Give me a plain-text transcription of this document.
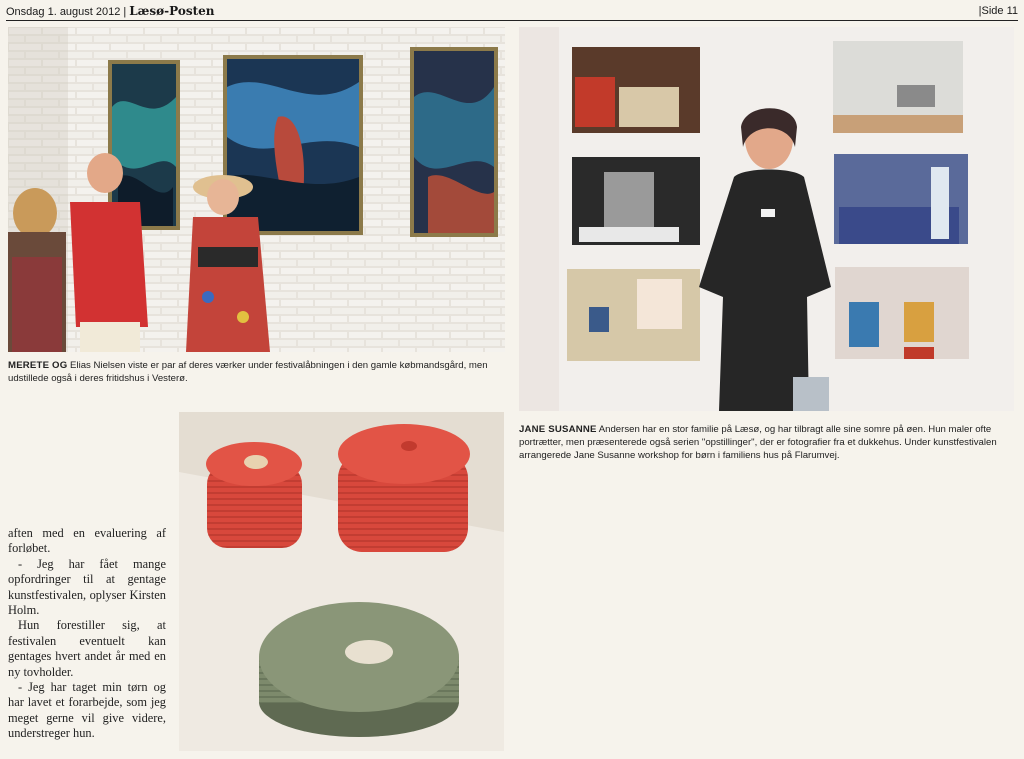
Onsdag 1. august 2012 | Læsø-Posten	|Side 11
MERETE OG Elias Nielsen viste er par af deres værker under festivalåbningen i den gamle købmandsgård, men udstillede også i deres fritidshus i Vesterø.
JANE SUSANNE Andersen har en stor familie på Læsø, og har tilbragt alle sine somre på øen. Hun maler ofte portrætter, men præsenterede også serien "opstillinger", der er fotografier fra et dukkehus. Under kunstfestivalen arrangerede Jane Susanne workshop for børn i familiens hus på Flarumvej.

aften med en evaluering af forløbet.

- Jeg har fået mange opfordringer til at gentage kunstfestivalen, oplyser Kirsten Holm.

Hun forestiller sig, at festivalen eventuelt kan gentages hvert andet år med en ny tovholder.

- Jeg har taget min tørn og har lavet et forarbejde, som jeg meget gerne vil give videre, understreger hun.
